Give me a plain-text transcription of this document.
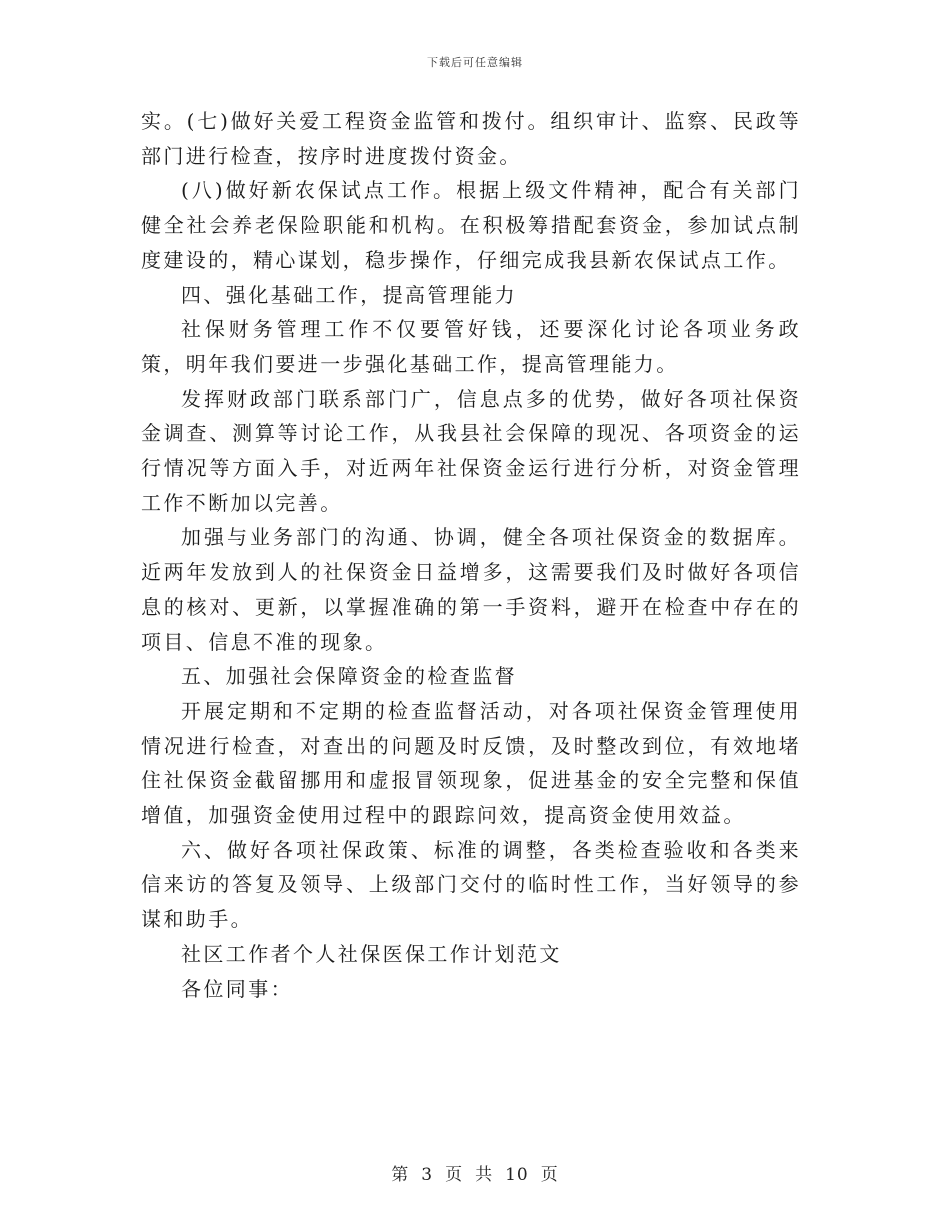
下载后可任意编辑

实。(七)做好关爱工程资金监管和拨付。组织审计、监察、民政等部门进行检查，按序时进度拨付资金。

(八)做好新农保试点工作。根据上级文件精神，配合有关部门健全社会养老保险职能和机构。在积极筹措配套资金，参加试点制度建设的，精心谋划，稳步操作，仔细完成我县新农保试点工作。

四、强化基础工作，提高管理能力

社保财务管理工作不仅要管好钱，还要深化讨论各项业务政策，明年我们要进一步强化基础工作，提高管理能力。

发挥财政部门联系部门广，信息点多的优势，做好各项社保资金调查、测算等讨论工作，从我县社会保障的现况、各项资金的运行情况等方面入手，对近两年社保资金运行进行分析，对资金管理工作不断加以完善。

加强与业务部门的沟通、协调，健全各项社保资金的数据库。近两年发放到人的社保资金日益增多，这需要我们及时做好各项信息的核对、更新，以掌握准确的第一手资料，避开在检查中存在的项目、信息不准的现象。

五、加强社会保障资金的检查监督

开展定期和不定期的检查监督活动，对各项社保资金管理使用情况进行检查，对查出的问题及时反馈，及时整改到位，有效地堵住社保资金截留挪用和虚报冒领现象，促进基金的安全完整和保值增值，加强资金使用过程中的跟踪问效，提高资金使用效益。

六、做好各项社保政策、标准的调整，各类检查验收和各类来信来访的答复及领导、上级部门交付的临时性工作，当好领导的参谋和助手。

社区工作者个人社保医保工作计划范文

各位同事：

第 3 页 共 10 页
